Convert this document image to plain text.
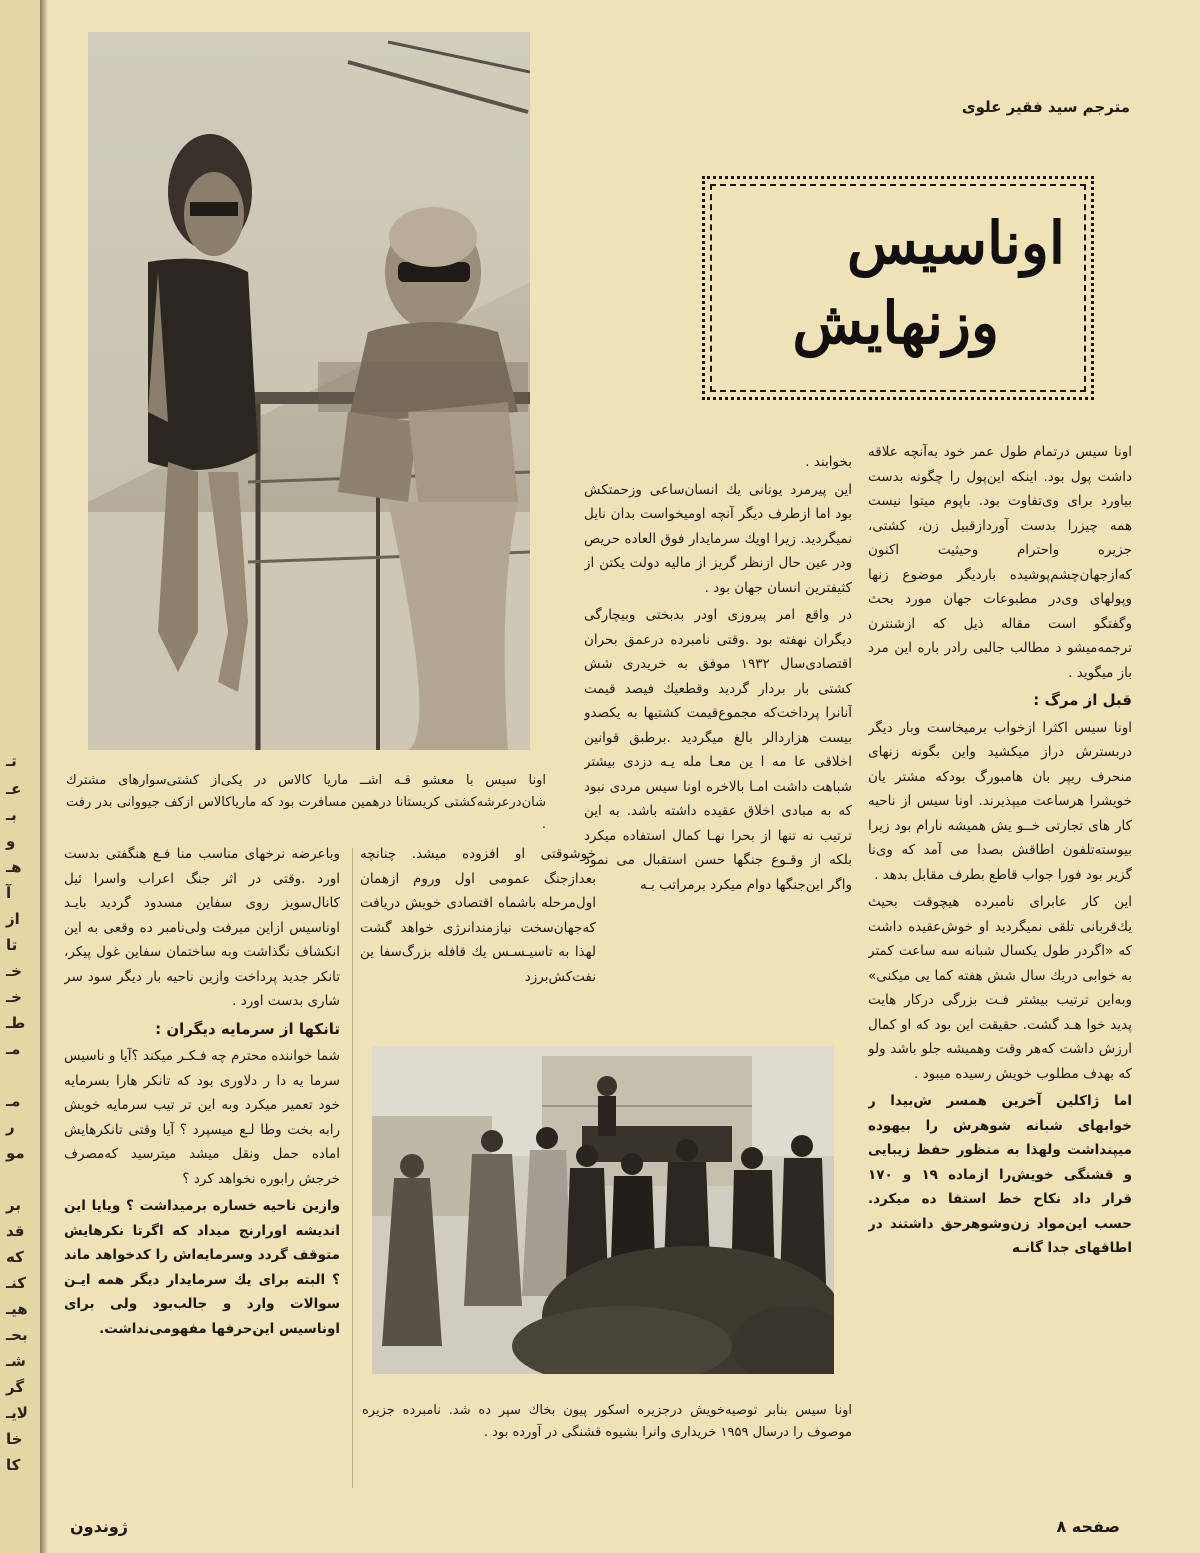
تـ
عـ
بـ
و
هـ
آ
از
تا
خـ
خـ
طـ
مـ
مـ
ر
مو
بر
قد
که
کنـ
هیـ
بحـ
شـ
گر
لایـ
خا
کا
مترجم سید فقیر علوی
اوناسیس
وزنهایش
اونا سیس با معشو قـه اشـ‌ـ ماریا کالاس در یکی‌از کشتی‌سوارهای مشترك شان‌درعرشه‌کشتی کریستانا درهمین مسافرت بود که ماریاکالاس ازکف جیووانی بدر رفت .

اونا سیس درتمام طول عمر خود به‌آنچه علاقه داشت پول بود. اینکه این‌پول را چگونه بدست بیاورد برای وی‌تفاوت بود. باپوم میتوا نیست همه چیزرا بدست آورد‌ازقبیل زن، کشتی، جزیره واحترام وحیثیت اکنون که‌ازجهان‌چشم‌پوشیده باردیگر موضوع زنها وپولهای وی‌در مطبوعات جهان مورد بحث وگفتگو است مقاله ذیل که ازشنترن ترجمه‌میشو د مطالب جالبی رادر باره این مرد باز میگوید .

قبل از مرگ :

اونا سیس اکثرا ازخواب برمیخاست وبار دیگر دربسترش دراز میکشید واین بگونه زنهای منحرف ریپر بان هامبورگ بودکه مشتر یان خویشرا هرساعت میپذیرند. اونا سیس از ناحیه کار های تجارتی خــو یش همیشه نارام بود زیرا بیوسته‌تلفون اطاقش بصدا می آمد که وی‌نا گزیر بود فورا جواب قاطع بطرف مقابل بدهد .

این کار عابرای نامبرده هیچوقت بحیث یك‌قربانی تلقی نمیگردید او خوش‌عقیده داشت که «اگردر طول یکسال شبانه سه ساعت کمتر به خوابی دریك سال شش هفته کما یی میکنی» وبه‌این ترتیب بیشتر فـت بزرگی درکار هایت پدید خوا هـد گشت. حقیقت این بود که او کمال ارزش داشت که‌هر وقت وهمیشه جلو باشد ولو که بهدف مطلوب خویش رسیده میبود .

اما ژاکلین آخرین همسر ش‌بیدا ر خوابهای شبانه شوهرش را بیهوده میپنداشت ولهذا به منظور حفظ زیبایی و قشنگی خویش‌را ازماده ۱۹ و ۱۷۰ قرار داد نکاح خط استفا ده میکرد. حسب این‌مواد زن‌وشوهرحق داشتند در اطاقهای جدا گانـه

بخوابند .

این پیرمرد یونانی یك انسان‌ساعی وزحمتکش بود اما ازطرف دیگر آنچه او‌میخواست بدان نایل نمیگردید. زیرا اویك سرمایدار فوق العاده حریص ودر عین حال ازنظر گریز از مالیه دولت یکتن از کثیفترین انسان جهان بود .

در واقع امر پیروزی اودر بدبختی وبیچارگی دیگران نهفته بود .وقتی نامبرده درعمق بحران اقتصادی‌سال ۱۹۳۲ موفق به خریدری شش کشتی بار بردار گردید وقطعیك فیصد قیمت آنانرا پرداخت‌که مجموع‌قیمت کشتیها به یکصدو بیست هزاردالر بالغ میگردید .برطبق قوانین اخلاقی عا مه ا ین معـا مله یـه دزدی بیشتر شباهت داشت امـا بالاخره اونا سیس مردی نبود که به مبادی اخلاق عقیده داشته باشد. به این ترتیب نه تنها از بحرا نهـا کمال استفاده میکرد بلکه از وقـوع جنگها حسن استقبال می نمود واگر این‌جنگها دوام میکرد برمراتب بـه

خوشوقتی او افزوده میشد. چنانچه بعدازجنگ عمومی اول وروم ازهمان اول‌مرحله باشماه اقتصادی خویش دریافت که‌جهان‌سخت نیازمندانرژی خواهد گشت لهذا به تاسیـسـس یك قافله بزرگ‌سفا ین نفت‌کش‌برزد

وباعرضه نرخهای مناسب منا فـع هنگفتی بدست اورد .وقتی در اثر جنگ اعراب واسرا ئیل کانال‌سویز روی سفاین مسدود گردید بایـد اوناسیس ازاین میرفت ولی‌نامبر ده وقعی به این انکشاف نگذاشت وبه ساختمان سفاین غول پیکر، تانکر جدید پرداخت وازین ناحیه بار دیگر سود سر شاری بدست اورد .

تانکها از سرمایه دیگران :

شما خواننده محترم چه فـکـر میکند ؟آیا و ناسیس سرما یه دا ر دلاوری بود که تانکر هارا بسرمایه خود تعمیر میکرد وبه این تر تیب سرمایه خویش رابه بخت وطا لـع میسپرد ؟ آیا وقتی تانکرهایش اماده حمل ونقل میشد میترسید که‌مصرف خرجش رابوره نخواهد کرد ؟

وازین ناحیه خساره برمیداشت ؟ ویایا این اندیشه اورارنج میداد که اگرتا نکرهایش متوقف گردد وسرمایه‌اش را کدخواهد ماند ؟ البته برای یك سرمایدار دیگر همه ایـن سوالات وارد و جالب‌بود ولی برای اوناسیس این‌حرفها مفهومی‌نداشت.

اونا سیس بنابر توصیه‌خویش درجزیره اسکور پیون بخاك سپر ده شد. نامبرده جزیره موصوف را درسال ۱۹۵۹ خریداری وانرا بشیوه قشنگی در آورده بود .
صفحه ۸
ژوندون
